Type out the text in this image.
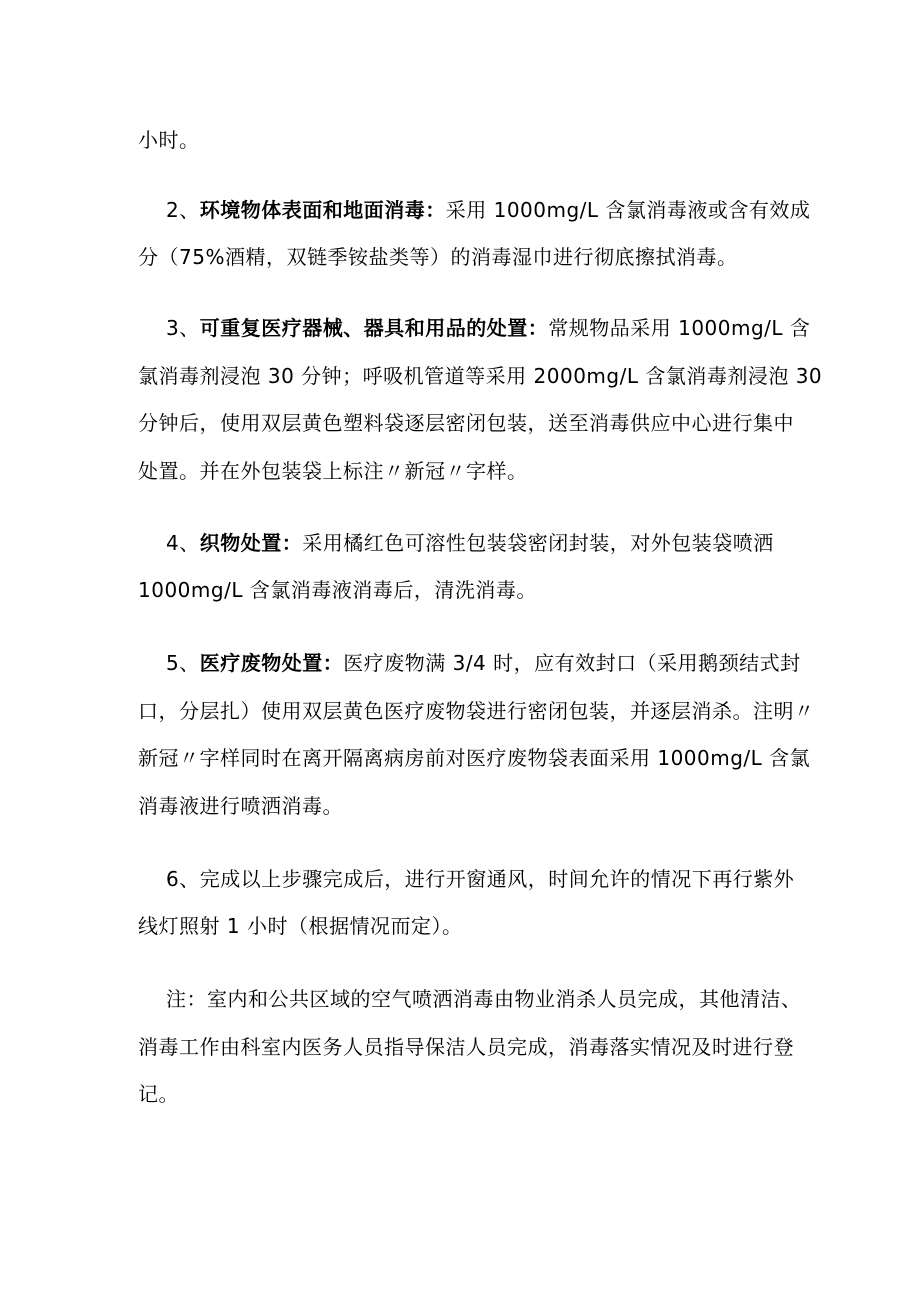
小时。
2、环境物体表面和地面消毒：采用 1000mg/L 含氯消毒液或含有效成
分（75%酒精，双链季铵盐类等）的消毒湿巾进行彻底擦拭消毒。
3、可重复医疗器械、器具和用品的处置：常规物品采用 1000mg/L 含
氯消毒剂浸泡 30 分钟；呼吸机管道等采用 2000mg/L 含氯消毒剂浸泡 30
分钟后，使用双层黄色塑料袋逐层密闭包装，送至消毒供应中心进行集中
处置。并在外包装袋上标注〃新冠〃字样。
4、织物处置：采用橘红色可溶性包装袋密闭封装，对外包装袋喷洒
1000mg/L 含氯消毒液消毒后，清洗消毒。
5、医疗废物处置：医疗废物满 3/4 时，应有效封口（采用鹅颈结式封
口，分层扎）使用双层黄色医疗废物袋进行密闭包装，并逐层消杀。注明〃
新冠〃字样同时在离开隔离病房前对医疗废物袋表面采用 1000mg/L 含氯
消毒液进行喷洒消毒。
6、完成以上步骤完成后，进行开窗通风，时间允许的情况下再行紫外
线灯照射 1 小时（根据情况而定）。
注：室内和公共区域的空气喷洒消毒由物业消杀人员完成，其他清洁、
消毒工作由科室内医务人员指导保洁人员完成，消毒落实情况及时进行登
记。
